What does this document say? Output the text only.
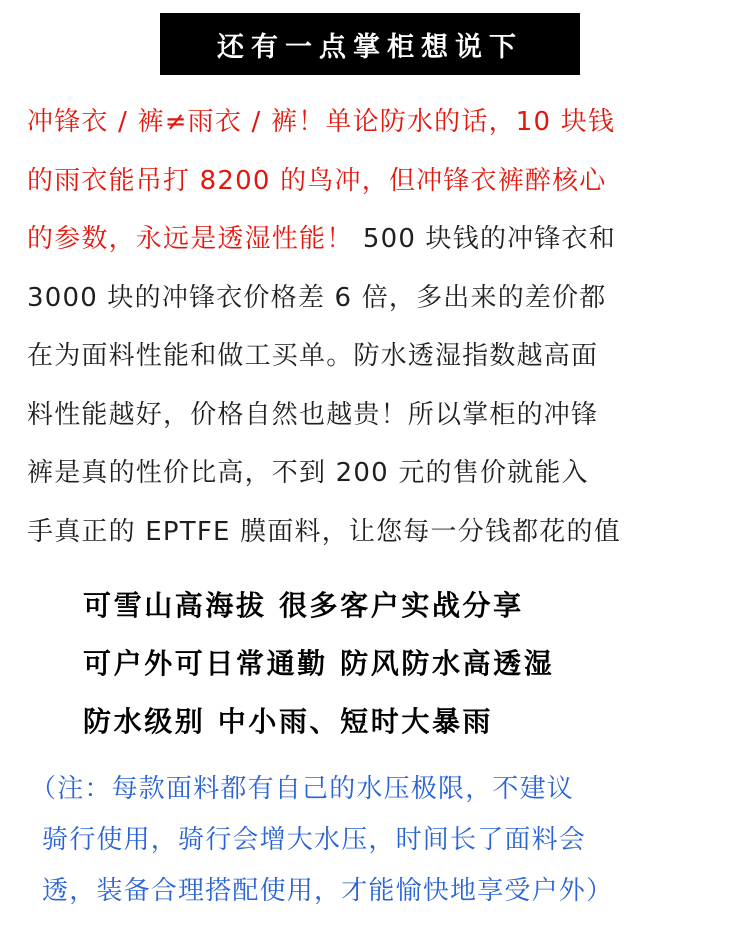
还有一点掌柜想说下
冲锋衣 / 裤≠雨衣 / 裤！单论防水的话，10 块钱
的雨衣能吊打 8200 的鸟冲，但冲锋衣裤醉核心
的参数，永远是透湿性能！ 500 块钱的冲锋衣和
3000 块的冲锋衣价格差 6 倍，多出来的差价都
在为面料性能和做工买单。防水透湿指数越高面
料性能越好，价格自然也越贵！所以掌柜的冲锋
裤是真的性价比高，不到 200 元的售价就能入
手真正的 EPTFE 膜面料，让您每一分钱都花的值
可雪山高海拔 很多客户实战分享
可户外可日常通勤 防风防水高透湿
防水级别 中小雨、短时大暴雨
（注：每款面料都有自己的水压极限，不建议
骑行使用，骑行会增大水压，时间长了面料会
透，装备合理搭配使用，才能愉快地享受户外）
